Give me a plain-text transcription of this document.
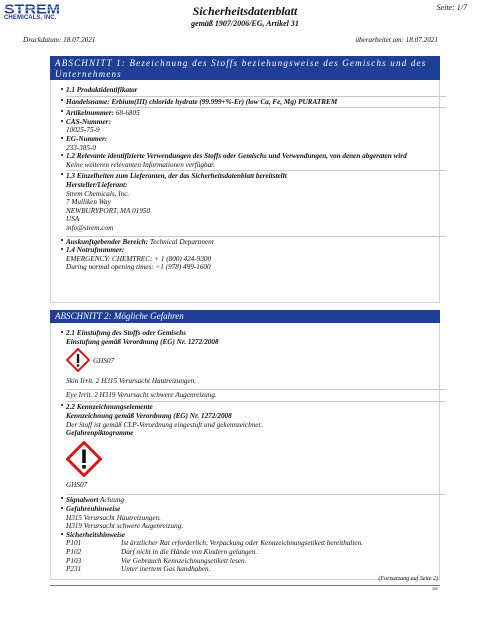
STREM
CHEMICALS, INC.	Sicherheitsdatenblatt
gemäß 1907/2006/EG, Artikel 31
Seite: 1/7
Druckdatum: 18.07.2021	überarbeitet am: 18.07.2021
ABSCHNITT 1: Bezeichnung des Stoffs beziehungsweise des Gemischs und des
Unternehmens
1.1 Produktidentifikator
Handelsname: Erbium(III) chloride hydrate (99.999+%-Er) (low Ca, Fe, Mg) PURATREM
Artikelnummer: 68-6805
CAS-Nummer:
10025-75-9
EG-Nummer:
233-385-0
1.2 Relevante identifizierte Verwendungen des Stoffs oder Gemischs und Verwendungen, von denen abgeraten wird
Keine weiteren relevanten Informationen verfügbar.
1.3 Einzelheiten zum Lieferanten, der das Sicherheitsdatenblatt bereitstellt
Hersteller/Lieferant:
Strem Chemicals, Inc.
7 Mulliken Way
NEWBURYPORT, MA 01950
USA
info@strem.com
Auskunftgebender Bereich: Technical Department
1.4 Notrufnummer:
EMERGENCY: CHEMTREC: + 1 (800) 424-9300
During normal opening times: +1 (978) 499-1600
ABSCHNITT 2: Mögliche Gefahren
2.1 Einstufung des Stoffs oder Gemischs
Einstufung gemäß Verordnung (EG) Nr. 1272/2008
GHS07
Skin Irrit. 2 H315 Verursacht Hautreizungen.
Eye Irrit. 2 H319 Verursacht schwere Augenreizung.
2.2 Kennzeichnungselemente
Kennzeichnung gemäß Verordnung (EG) Nr. 1272/2008
Der Stoff ist gemäß CLP-Verordnung eingestuft und gekennzeichnet.
Gefahrenpiktogramme
GHS07
Signalwort Achtung
Gefahrenhinweise
H315 Verursacht Hautreizungen.
H319 Verursacht schwere Augenreizung.
Sicherheitshinweise
P101	Ist ärztlicher Rat erforderlich, Verpackung oder Kennzeichnungsetikett bereithalten.
P102	Darf nicht in die Hände von Kindern gelangen.
P103	Vor Gebrauch Kennzeichnungsetikett lesen.
P231	Unter inertem Gas handhaben.
(Fortsetzung auf Seite 2)
DE
